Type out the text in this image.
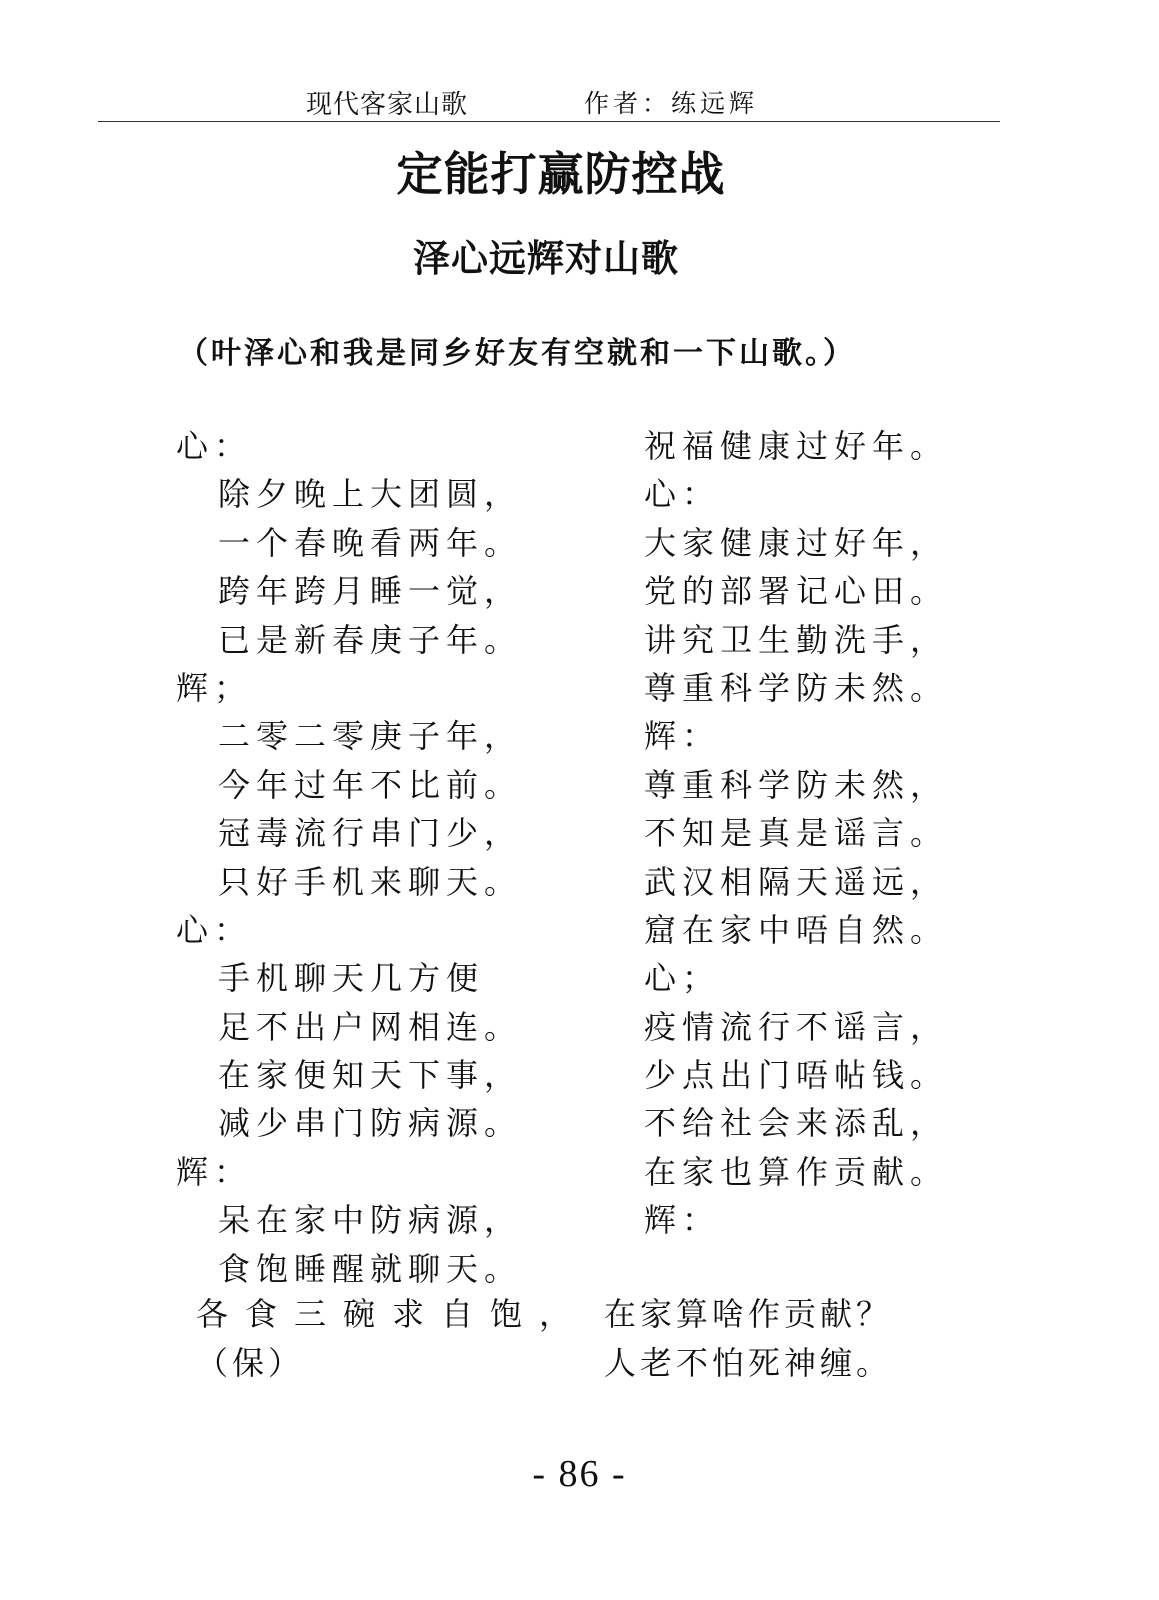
现代客家山歌	作者：练远辉
定能打赢防控战
泽心远辉对山歌
（叶泽心和我是同乡好友有空就和一下山歌。）
心：
除夕晚上大团圆，
一个春晚看两年。
跨年跨月睡一觉，
已是新春庚子年。
辉；
二零二零庚子年，
今年过年不比前。
冠毒流行串门少，
只好手机来聊天。
心：
手机聊天几方便
足不出户网相连。
在家便知天下事，
减少串门防病源。
辉：
呆在家中防病源，
食饱睡醒就聊天。
祝福健康过好年。
心：
大家健康过好年，
党的部署记心田。
讲究卫生勤洗手，
尊重科学防未然。
辉：
尊重科学防未然，
不知是真是谣言。
武汉相隔天遥远，
窟在家中唔自然。
心；
疫情流行不谣言，
少点出门唔帖钱。
不给社会来添乱，
在家也算作贡献。
辉：
各食三碗求自饱，
（保）
在家算啥作贡献？
人老不怕死神缠。
- 86 -
